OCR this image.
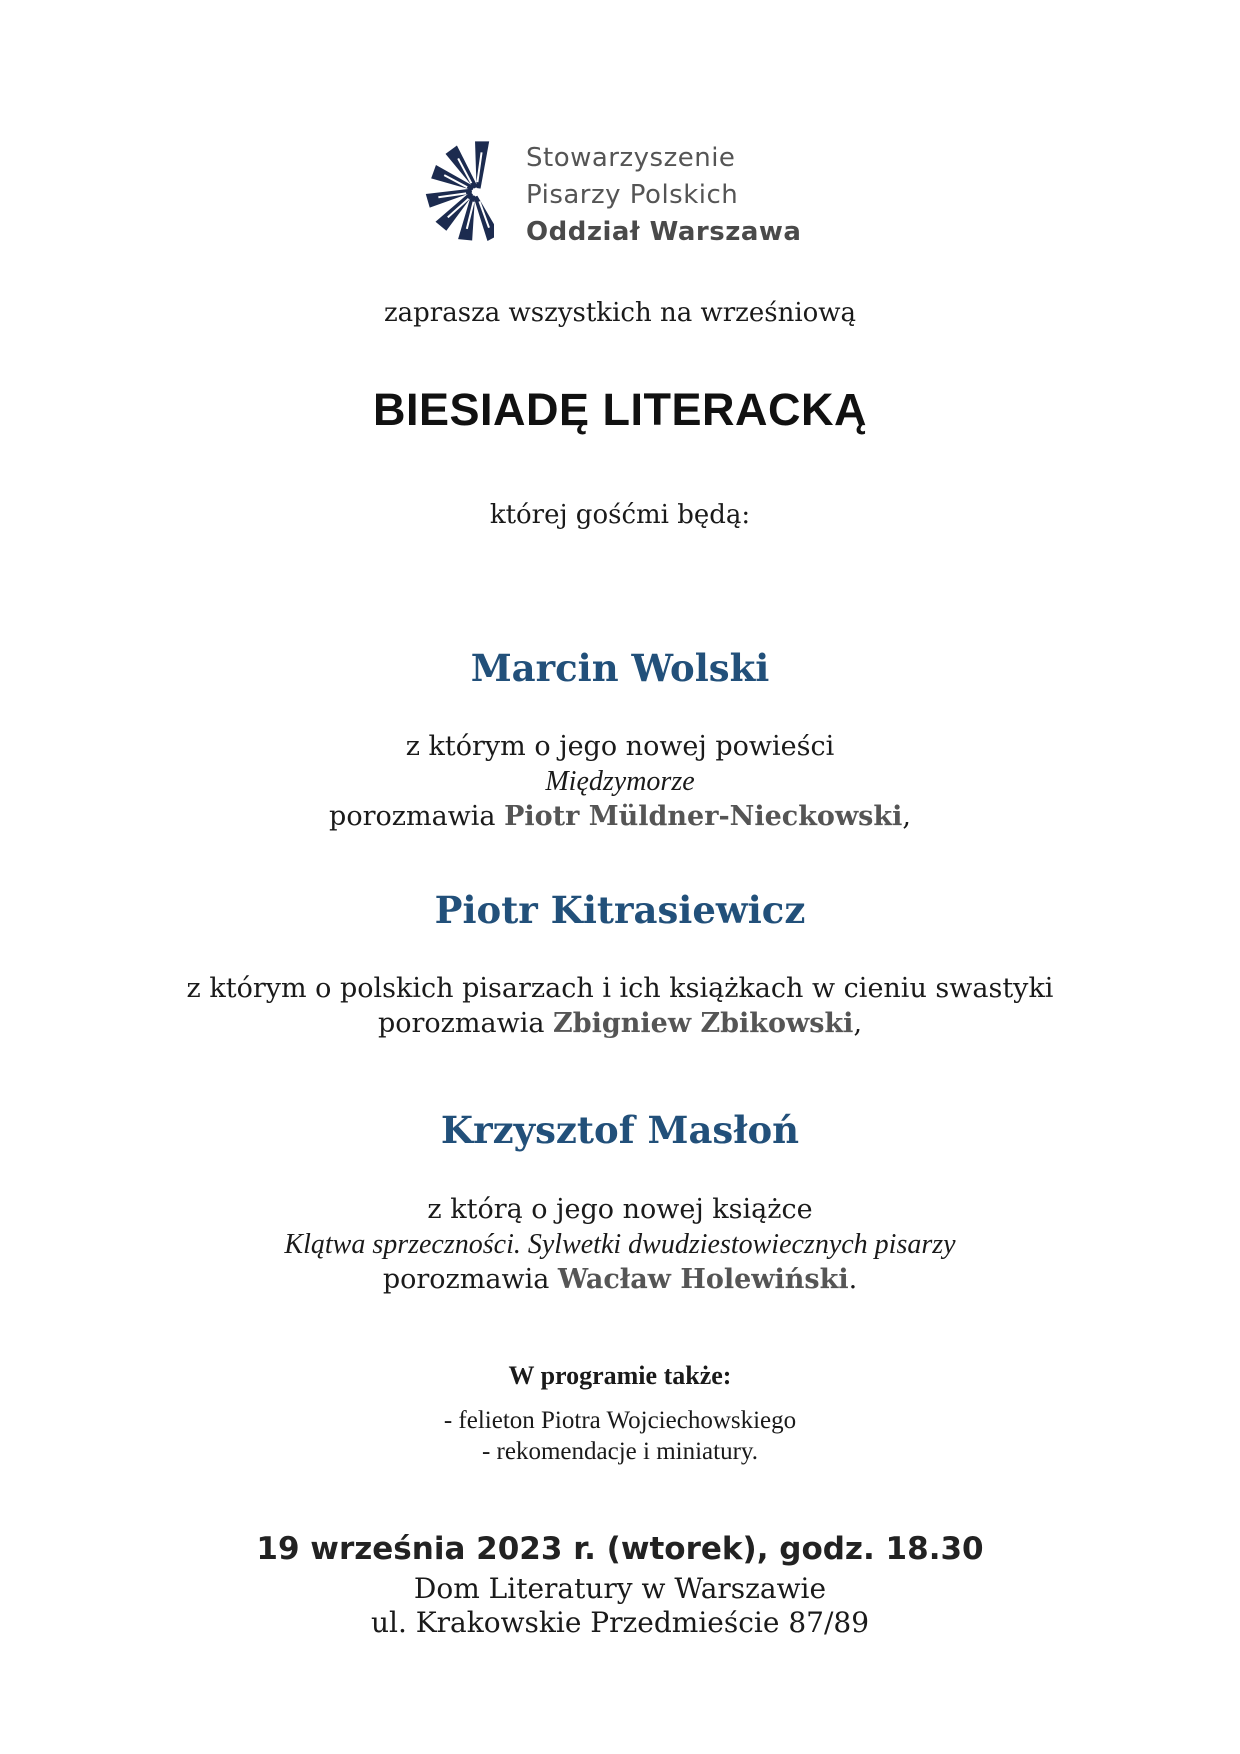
Stowarzyszenie
Pisarzy Polskich
Oddział Warszawa
zaprasza wszystkich na wrześniową
BIESIADĘ LITERACKĄ
której gośćmi będą:
Marcin Wolski
z którym o jego nowej powieści
Międzymorze
porozmawia Piotr Müldner-Nieckowski,
Piotr Kitrasiewicz
z którym o polskich pisarzach i ich książkach w cieniu swastyki
porozmawia Zbigniew Zbikowski,
Krzysztof Masłoń
z którą o jego nowej książce
Klątwa sprzeczności. Sylwetki dwudziestowiecznych pisarzy
porozmawia Wacław Holewiński.
W programie także:
- felieton Piotra Wojciechowskiego
- rekomendacje i miniatury.
19 września 2023 r. (wtorek), godz. 18.30
Dom Literatury w Warszawie
ul. Krakowskie Przedmieście 87/89
